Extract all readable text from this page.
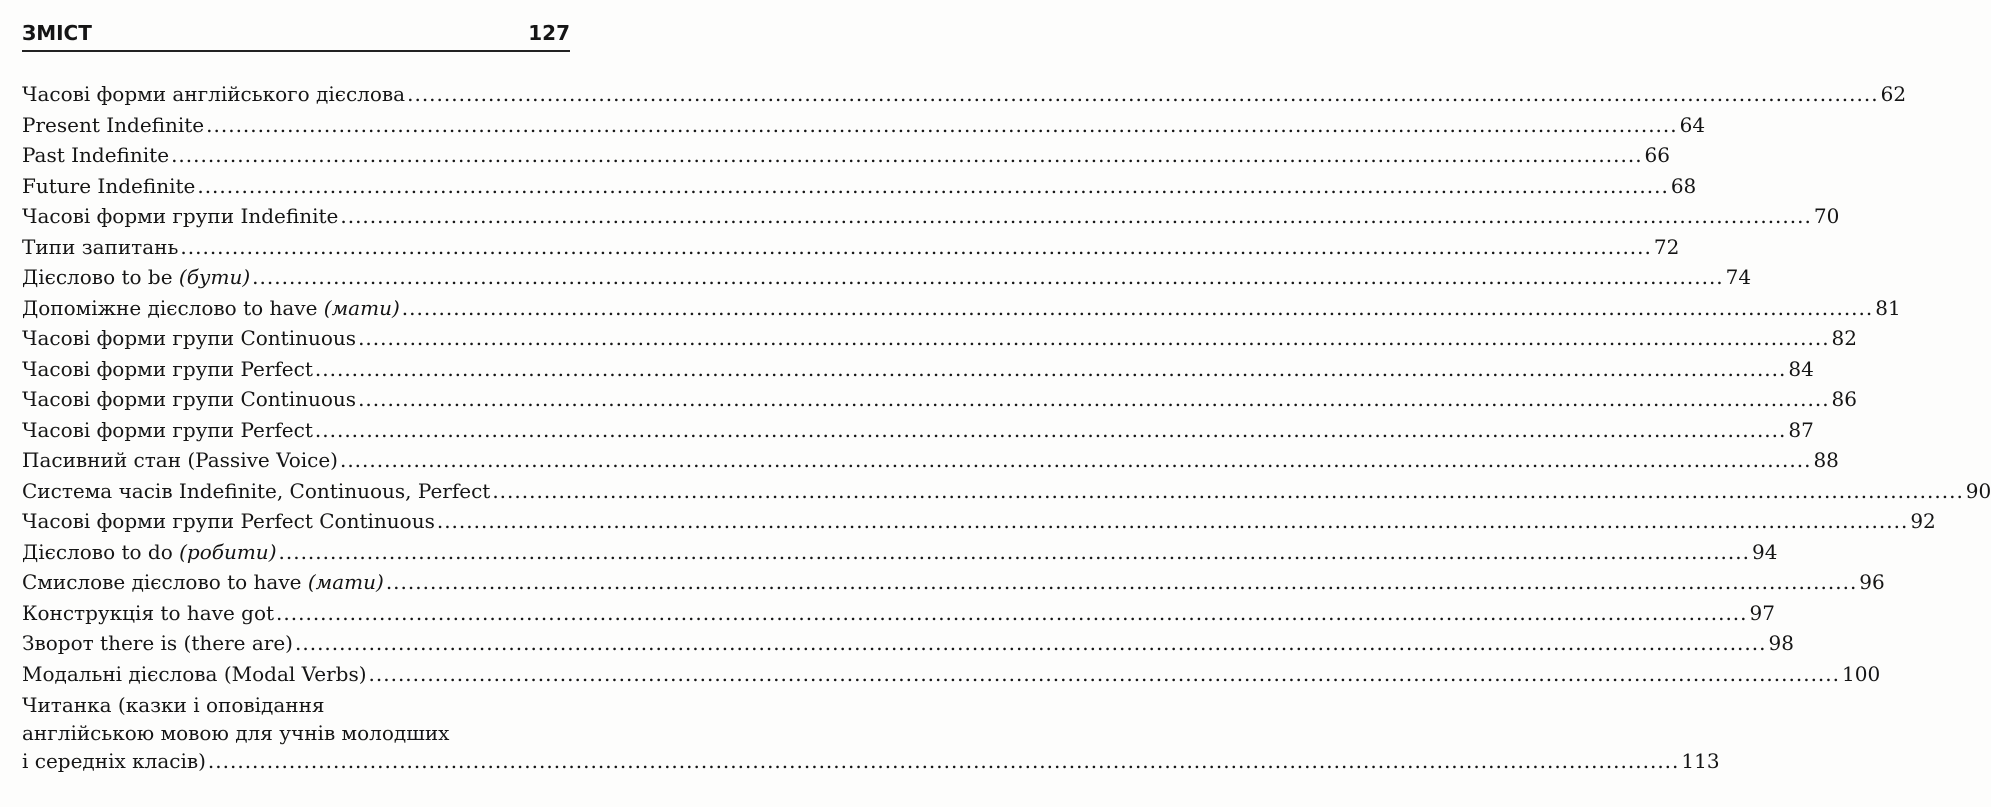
ЗМІСТ	127
Часові форми англійського дієслова ........................................................................................................................................................................................................ 62
Present Indefinite ........................................................................................................................................................................................................ 64
Past Indefinite ........................................................................................................................................................................................................ 66
Future Indefinite ........................................................................................................................................................................................................ 68
Часові форми групи Indefinite ........................................................................................................................................................................................................ 70
Типи запитань ........................................................................................................................................................................................................ 72
Дієслово to be (бути) ........................................................................................................................................................................................................ 74
Допоміжне дієслово to have (мати) ........................................................................................................................................................................................................ 81
Часові форми групи Continuous ........................................................................................................................................................................................................ 82
Часові форми групи Perfect ........................................................................................................................................................................................................ 84
Часові форми групи Continuous ........................................................................................................................................................................................................ 86
Часові форми групи Perfect ........................................................................................................................................................................................................ 87
Пасивний стан (Passive Voice) ........................................................................................................................................................................................................ 88
Система часів Indefinite, Continuous, Perfect ........................................................................................................................................................................................................ 90
Часові форми групи Perfect Continuous ........................................................................................................................................................................................................ 92
Дієслово to do (робити) ........................................................................................................................................................................................................ 94
Смислове дієслово to have (мати) ........................................................................................................................................................................................................ 96
Конструкція to have got ........................................................................................................................................................................................................ 97
Зворот there is (there are) ........................................................................................................................................................................................................ 98
Модальні дієслова (Modal Verbs) ........................................................................................................................................................................................................ 100
Читанка (казки і оповідання
англійською мовою для учнів молодших
і середніх класів) ........................................................................................................................................................................................................ 113
